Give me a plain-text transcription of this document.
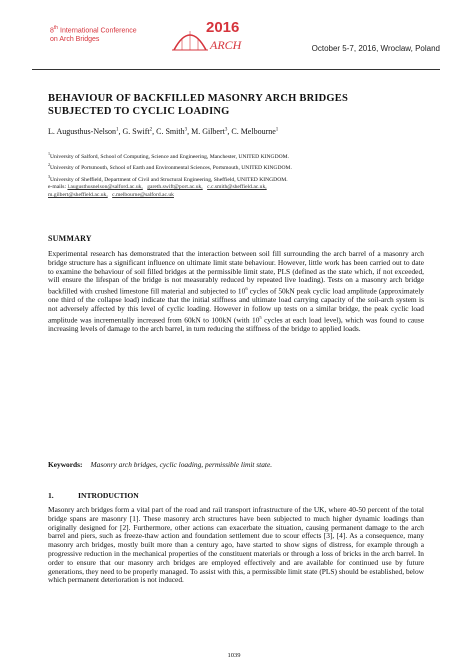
8th International Conference
on Arch Bridges
2016
ARCH	October 5-7, 2016, Wroclaw, Poland
BEHAVIOUR OF BACKFILLED MASONRY ARCH BRIDGES
SUBJECTED TO CYCLIC LOADING
L. Augusthus-Nelson$^1$, G. Swift$^2$, C. Smith$^3$, M. Gilbert$^3$, C. Melbourne$^1$
$^1$University of Salford, School of Computing, Science and Engineering, Manchester, UNITED KINGDOM.
$^2$University of Portsmouth, School of Earth and Environmental Sciences, Portsmouth, UNITED KINGDOM.
$^3$University of Sheffield, Department of Civil and Structural Engineering, Sheffield, UNITED KINGDOM.
e-mails: l.augusthusnelson@salford.ac.uk, gareth.swift@port.ac.uk, c.c.smith@sheffield.ac.uk,
m.gilbert@sheffield.ac.uk, c.melbourne@salford.ac.uk
SUMMARY
Experimental research has demonstrated that the interaction between soil fill surrounding the arch barrel of a masonry arch bridge structure has a significant influence on ultimate limit state behaviour. However, little work has been carried out to date to examine the behaviour of soil filled bridges at the permissible limit state, PLS (defined as the state which, if not exceeded, will ensure the lifespan of the bridge is not measurably reduced by repeated live loading). Tests on a masonry arch bridge backfilled with crushed limestone fill material and subjected to $10^6$ cycles of 50kN peak cyclic load amplitude (approximately one third of the collapse load) indicate that the initial stiffness and ultimate load carrying capacity of the soil-arch system is not adversely affected by this level of cyclic loading. However in follow up tests on a similar bridge, the peak cyclic load amplitude was incrementally increased from 60kN to 100kN (with $10^5$ cycles at each load level), which was found to cause increasing levels of damage to the arch barrel, in turn reducing the stiffness of the bridge to applied loads.
Keywords: Masonry arch bridges, cyclic loading, permissible limit state.
1.	INTRODUCTION
Masonry arch bridges form a vital part of the road and rail transport infrastructure of the UK, where 40-50 percent of the total bridge spans are masonry [1]. These masonry arch structures have been subjected to much higher dynamic loadings than originally designed for [2]. Furthermore, other actions can exacerbate the situation, causing permanent damage to the arch barrel and piers, such as freeze-thaw action and foundation settlement due to scour effects [3], [4]. As a consequence, many masonry arch bridges, mostly built more than a century ago, have started to show signs of distress, for example through a progressive reduction in the mechanical properties of the constituent materials or through a loss of bricks in the arch barrel. In order to ensure that our masonry arch bridges are employed effectively and are available for continued use by future generations, they need to be properly managed. To assist with this, a permissible limit state (PLS) should be established, below which permanent deterioration is not induced.
1039
